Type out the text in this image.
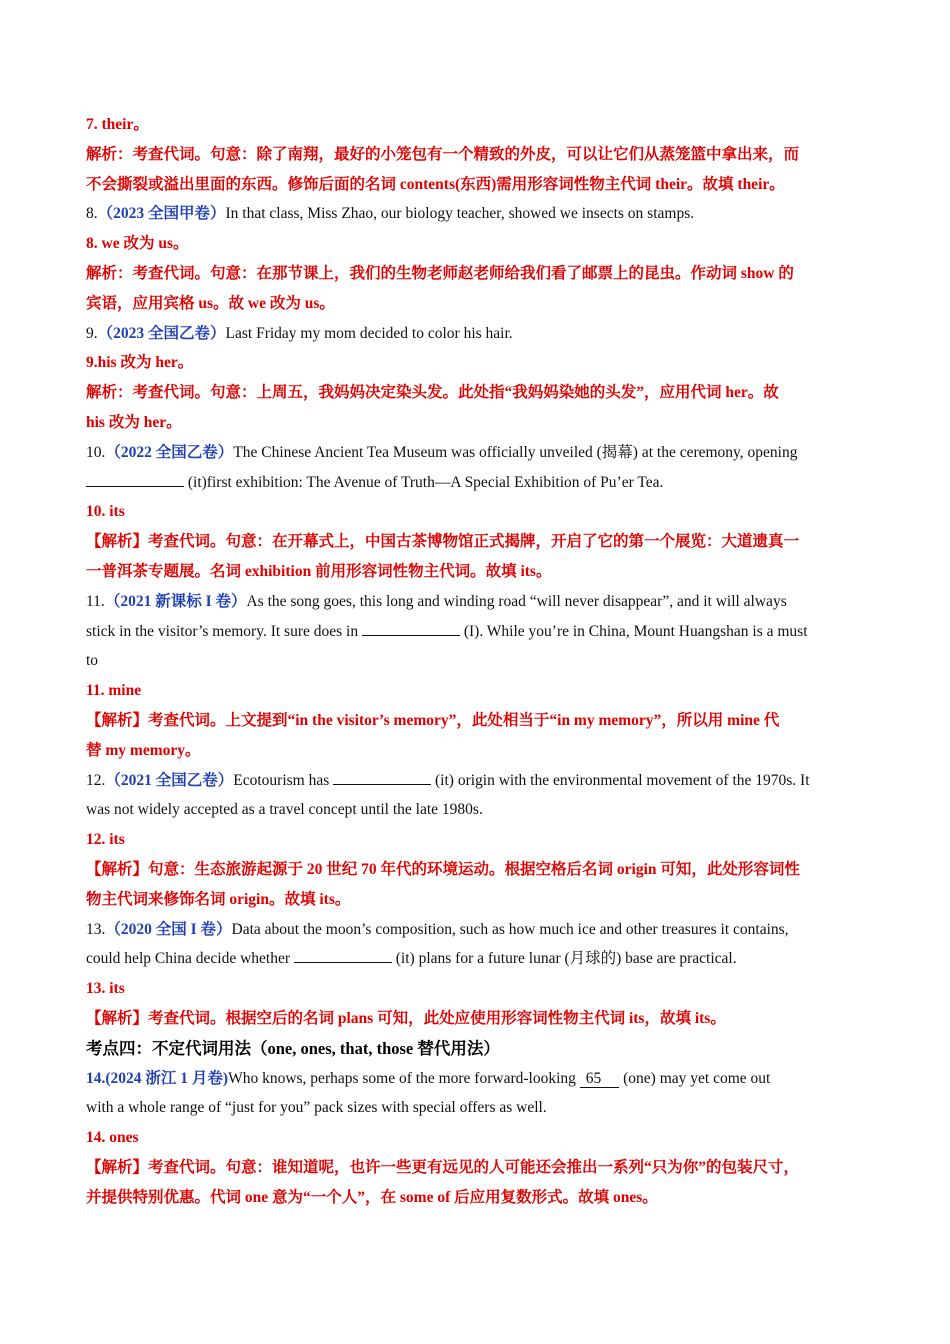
7. their。
解析：考查代词。句意：除了南翔，最好的小笼包有一个精致的外皮，可以让它们从蒸笼篮中拿出来，而
不会撕裂或溢出里面的东西。修饰后面的名词 contents(东西)需用形容词性物主代词 their。故填 their。
8.（2023 全国甲卷）In that class, Miss Zhao, our biology teacher, showed we insects on stamps.
8. we 改为 us。
解析：考查代词。句意：在那节课上，我们的生物老师赵老师给我们看了邮票上的昆虫。作动词 show 的
宾语，应用宾格 us。故 we 改为 us。
9.（2023 全国乙卷）Last Friday my mom decided to color his hair.
9.his 改为 her。
解析：考查代词。句意：上周五，我妈妈决定染头发。此处指“我妈妈染她的头发”，应用代词 her。故
his 改为 her。
10.（2022 全国乙卷）The Chinese Ancient Tea Museum was officially unveiled (揭幕) at the ceremony, opening
(it)first exhibition: The Avenue of Truth—A Special Exhibition of Pu’er Tea.
10. its
【解析】考查代词。句意：在开幕式上，中国古茶博物馆正式揭牌，开启了它的第一个展览：大道遗真一
一普洱茶专题展。名词 exhibition 前用形容词性物主代词。故填 its。
11.（2021 新课标 I 卷）As the song goes, this long and winding road “will never disappear”, and it will always
stick in the visitor’s memory. It sure does in	(I). While you’re in China, Mount Huangshan is a must
to
11. mine
【解析】考查代词。上文提到“in the visitor’s memory”，此处相当于“in my memory”，所以用 mine 代
替 my memory。
12.（2021 全国乙卷）Ecotourism has	(it) origin with the environmental movement of the 1970s. It
was not widely accepted as a travel concept until the late 1980s.
12. its
【解析】句意：生态旅游起源于 20 世纪 70 年代的环境运动。根据空格后名词 origin 可知，此处形容词性
物主代词来修饰名词 origin。故填 its。
13.（2020 全国 I 卷）Data about the moon’s composition, such as how much ice and other treasures it contains,
could help China decide whether	(it) plans for a future lunar (月球的) base are practical.
13. its
【解析】考查代词。根据空后的名词 plans 可知，此处应使用形容词性物主代词 its，故填 its。
考点四：不定代词用法（one, ones, that, those 替代用法）
14.(2024 浙江 1 月卷)Who knows, perhaps some of the more forward-looking 65 (one) may yet come out
with a whole range of “just for you” pack sizes with special offers as well.
14. ones
【解析】考查代词。句意：谁知道呢，也许一些更有远见的人可能还会推出一系列“只为你”的包装尺寸，
并提供特别优惠。代词 one 意为“一个人”，在 some of 后应用复数形式。故填 ones。
